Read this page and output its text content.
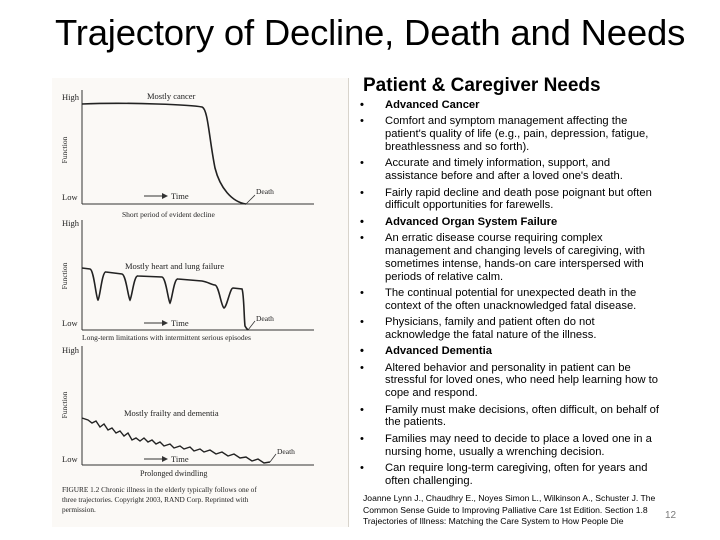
Trajectory of Decline, Death and Needs
High
Low
Function
Mostly cancer
Time	Death
Short period of evident decline
High
Low
Function	Mostly heart and lung failure
Time	Death
Long-term limitations with intermittent serious episodes
High
Low
Function	Mostly frailty and dementia
Time
Death
Prolonged dwindling
FIGURE 1.2 Chronic illness in the elderly typically follows one of
three trajectories. Copyright 2003, RAND Corp. Reprinted with
permission.
Patient & Caregiver Needs
• Advanced Cancer
• Comfort and symptom management affecting the patient's quality of life (e.g., pain, depression, fatigue, breathlessness and so forth).
• Accurate and timely information, support, and assistance before and after a loved one's death.
• Fairly rapid decline and death pose poignant but often difficult opportunities for farewells.
• Advanced Organ System Failure
• An erratic disease course requiring complex management and changing levels of caregiving, with sometimes intense, hands-on care interspersed with periods of relative calm.
• The continual potential for unexpected death in the context of the often unacknowledged fatal disease.
• Physicians, family and patient often do not acknowledge the fatal nature of the illness.
• Advanced Dementia
• Altered behavior and personality in patient can be stressful for loved ones, who need help learning how to cope and respond.
• Family must make decisions, often difficult, on behalf of the patients.
• Families may need to decide to place a loved one in a nursing home, usually a wrenching decision.
• Can require long-term caregiving, often for years and often challenging.
Joanne Lynn J., Chaudhry E., Noyes Simon L., Wilkinson A., Schuster J. The Common Sense Guide to Improving Palliative Care 1st Edition. Section 1.8 Trajectories of Illness: Matching the Care System to How People Die
12
